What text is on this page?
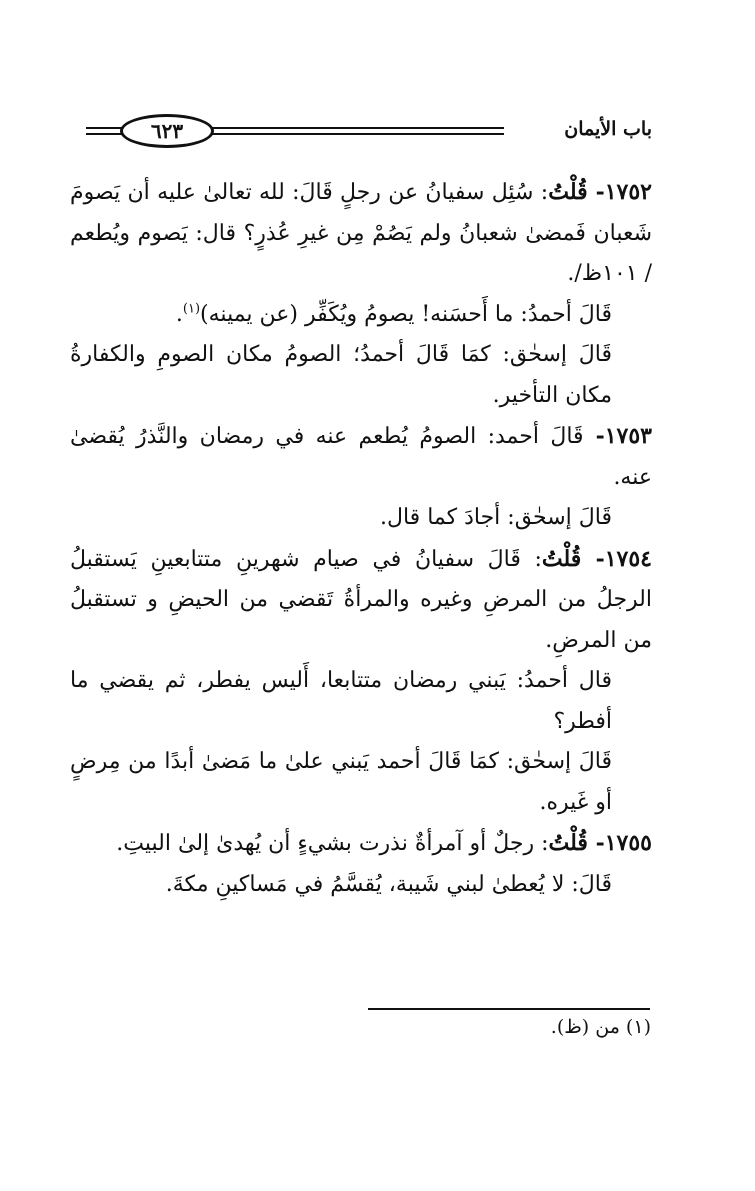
٦٢٣	باب الأيمان

١٧٥٢- قُلْتُ: سُئِل سفيانُ عن رجلٍ قَالَ: لله تعالىٰ عليه أن يَصومَ شَعبان فَمضىٰ شعبانُ ولم يَصُمْ مِن غيرِ عُذرٍ؟ قال: يَصوم ويُطعم / ١٠١ظ/.

قَالَ أحمدُ: ما أَحسَنه! يصومُ ويُكَفِّر (عن يمينه)$^{(١)}$.

قَالَ إسحٰق: كمَا قَالَ أحمدُ؛ الصومُ مكان الصومِ والكفارةُ مكان التأخير.

١٧٥٣- قَالَ أحمد: الصومُ يُطعم عنه في رمضان والنَّذرُ يُقضىٰ عنه.

قَالَ إسحٰق: أجادَ كما قال.

١٧٥٤- قُلْتُ: قَالَ سفيانُ في صيام شهرينِ متتابعينِ يَستقبلُ الرجلُ من المرضِ وغيره والمرأةُ تَقضي من الحيضِ و تستقبلُ من المرضِ.

قال أحمدُ: يَبني رمضان متتابعا، أَليس يفطر، ثم يقضي ما أفطر؟

قَالَ إسحٰق: كمَا قَالَ أحمد يَبني علىٰ ما مَضىٰ أبدًا من مِرضٍ أو غَيره.

١٧٥٥- قُلْتُ: رجلٌ أو آمرأةٌ نذرت بشيءٍ أن يُهدىٰ إلىٰ البيتِ.

قَالَ: لا يُعطىٰ لبني شَيبة، يُقسَّمُ في مَساكينِ مكةَ.

(١) من (ظ).
